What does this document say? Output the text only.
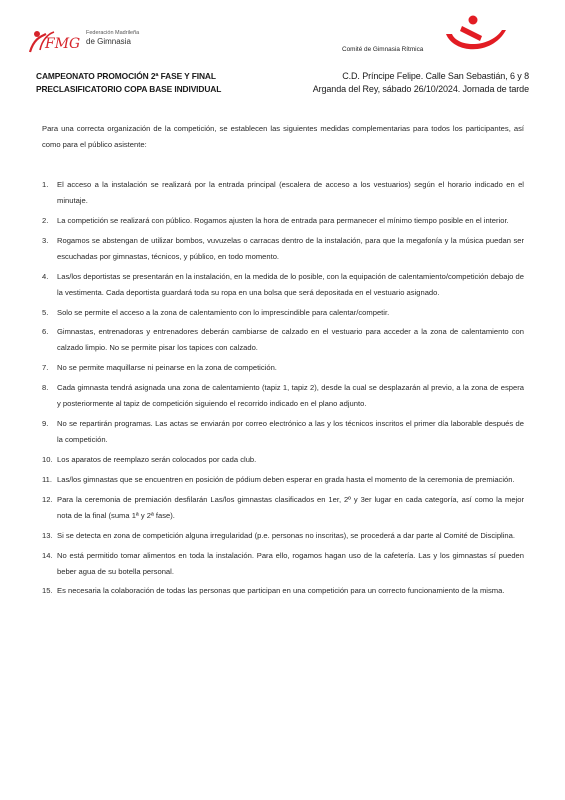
FMG
Federación Madrileña
de Gimnasia
Comité de Gimnasia Rítmica
CAMPEONATO PROMOCIÓN 2ª FASE Y FINAL
PRECLASIFICATORIO COPA BASE INDIVIDUAL
C.D. Príncipe Felipe. Calle San Sebastián, 6 y 8
Arganda del Rey, sábado 26/10/2024. Jornada de tarde

Para una correcta organización de la competición, se establecen las siguientes medidas complementarias para todos los participantes, así como para el público asistente:

1. El acceso a la instalación se realizará por la entrada principal (escalera de acceso a los vestuarios) según el horario indicado en el minutaje.
2. La competición se realizará con público. Rogamos ajusten la hora de entrada para permanecer el mínimo tiempo posible en el interior.
3. Rogamos se abstengan de utilizar bombos, vuvuzelas o carracas dentro de la instalación, para que la megafonía y la música puedan ser escuchadas por gimnastas, técnicos, y público, en todo momento.
4. Las/los deportistas se presentarán en la instalación, en la medida de lo posible, con la equipación de calentamiento/competición debajo de la vestimenta. Cada deportista guardará toda su ropa en una bolsa que será depositada en el vestuario asignado.
5. Solo se permite el acceso a la zona de calentamiento con lo imprescindible para calentar/competir.
6. Gimnastas, entrenadoras y entrenadores deberán cambiarse de calzado en el vestuario para acceder a la zona de calentamiento con calzado limpio. No se permite pisar los tapices con calzado.
7. No se permite maquillarse ni peinarse en la zona de competición.
8. Cada gimnasta tendrá asignada una zona de calentamiento (tapiz 1, tapiz 2), desde la cual se desplazarán al previo, a la zona de espera y posteriormente al tapiz de competición siguiendo el recorrido indicado en el plano adjunto.
9. No se repartirán programas. Las actas se enviarán por correo electrónico a las y los técnicos inscritos el primer día laborable después de la competición.
10. Los aparatos de reemplazo serán colocados por cada club.
11. Las/los gimnastas que se encuentren en posición de pódium deben esperar en grada hasta el momento de la ceremonia de premiación.
12. Para la ceremonia de premiación desfilarán Las/los gimnastas clasificados en 1er, 2º y 3er lugar en cada categoría, así como la mejor nota de la final (suma 1ª y 2ª fase).
13. Si se detecta en zona de competición alguna irregularidad (p.e. personas no inscritas), se procederá a dar parte al Comité de Disciplina.
14. No está permitido tomar alimentos en toda la instalación. Para ello, rogamos hagan uso de la cafetería. Las y los gimnastas sí pueden beber agua de su botella personal.
15. Es necesaria la colaboración de todas las personas que participan en una competición para un correcto funcionamiento de la misma.
